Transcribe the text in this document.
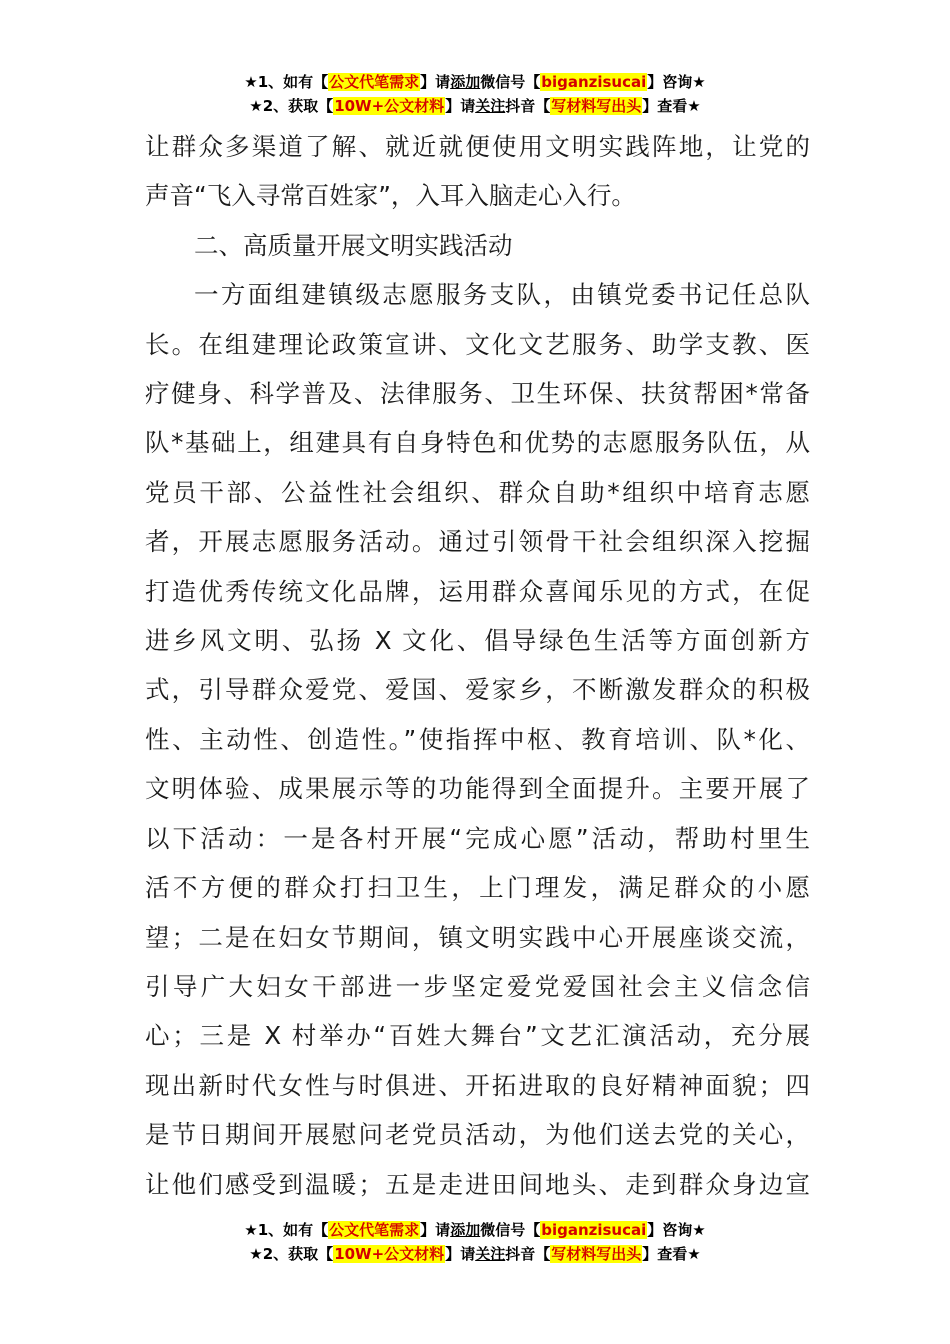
★1、如有【公文代笔需求】请添加微信号【biganzisucai】咨询★
★2、获取【10W+公文材料】请关注抖音【写材料写出头】查看★

让群众多渠道了解、就近就便使用文明实践阵地，让党的

声音“飞入寻常百姓家”，入耳入脑走心入行。

二、高质量开展文明实践活动

一方面组建镇级志愿服务支队，由镇党委书记任总队

长。在组建理论政策宣讲、文化文艺服务、助学支教、医

疗健身、科学普及、法律服务、卫生环保、扶贫帮困*常备

队*基础上，组建具有自身特色和优势的志愿服务队伍，从

党员干部、公益性社会组织、群众自助*组织中培育志愿

者，开展志愿服务活动。通过引领骨干社会组织深入挖掘

打造优秀传统文化品牌，运用群众喜闻乐见的方式，在促

进乡风文明、弘扬 X 文化、倡导绿色生活等方面创新方

式，引导群众爱党、爱国、爱家乡，不断激发群众的积极

性、主动性、创造性。”使指挥中枢、教育培训、队*化、

文明体验、成果展示等的功能得到全面提升。主要开展了

以下活动：一是各村开展“完成心愿”活动，帮助村里生

活不方便的群众打扫卫生，上门理发，满足群众的小愿

望；二是在妇女节期间，镇文明实践中心开展座谈交流，

引导广大妇女干部进一步坚定爱党爱国社会主义信念信

心；三是 X 村举办“百姓大舞台”文艺汇演活动，充分展

现出新时代女性与时俱进、开拓进取的良好精神面貌；四

是节日期间开展慰问老党员活动，为他们送去党的关心，

让他们感受到温暖；五是走进田间地头、走到群众身边宣

★1、如有【公文代笔需求】请添加微信号【biganzisucai】咨询★
★2、获取【10W+公文材料】请关注抖音【写材料写出头】查看★
